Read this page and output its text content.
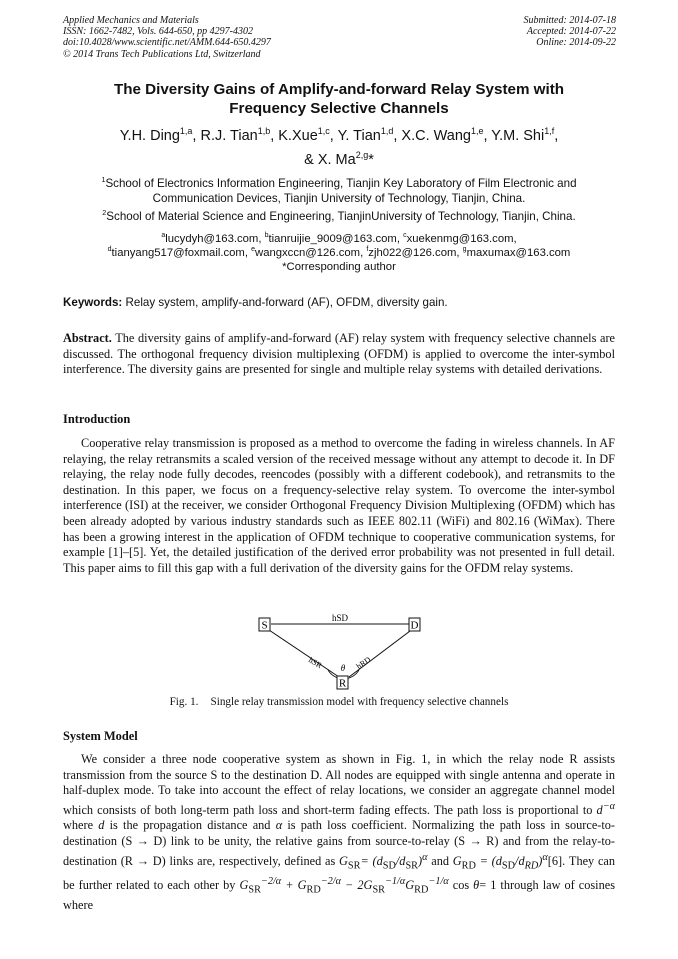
Applied Mechanics and Materials
ISSN: 1662-7482, Vols. 644-650, pp 4297-4302
doi:10.4028/www.scientific.net/AMM.644-650.4297
© 2014 Trans Tech Publications Ltd, Switzerland
Submitted: 2014-07-18
Accepted: 2014-07-22
Online: 2014-09-22
The Diversity Gains of Amplify-and-forward Relay System with
Frequency Selective Channels
Y.H. Ding$^{1,a}$, R.J. Tian$^{1,b}$, K.Xue$^{1,c}$, Y. Tian$^{1,d}$, X.C. Wang$^{1,e}$, Y.M. Shi$^{1,f}$,
& X. Ma$^{2,g}$*
$^1$School of Electronics Information Engineering, Tianjin Key Laboratory of Film Electronic and Communication Devices, Tianjin University of Technology, Tianjin, China.
$^2$School of Material Science and Engineering, TianjinUniversity of Technology, Tianjin, China.
$^a$lucydyh@163.com, $^b$tianruijie_9009@163.com, $^c$xuekenmg@163.com,
$^d$tianyang517@foxmail.com, $^e$wangxccn@126.com, $^f$zjh022@126.com, $^g$maxumax@163.com
*Corresponding author
Keywords: Relay system, amplify-and-forward (AF), OFDM, diversity gain.
Abstract. The diversity gains of amplify-and-forward (AF) relay system with frequency selective channels are discussed. The orthogonal frequency division multiplexing (OFDM) is applied to overcome the inter-symbol interference. The diversity gains are presented for single and multiple relay systems with detailed derivations.
Introduction
Cooperative relay transmission is proposed as a method to overcome the fading in wireless channels. In AF relaying, the relay retransmits a scaled version of the received message without any attempt to decode it. In DF relaying, the relay node fully decodes, reencodes (possibly with a different codebook), and retransmits to the destination. In this paper, we focus on a frequency-selective relay system. To overcome the inter-symbol interference (ISI) at the receiver, we consider Orthogonal Frequency Division Multiplexing (OFDM) which has been already adopted by various industry standards such as IEEE 802.11 (WiFi) and 802.16 (WiMax). There has been a growing interest in the application of OFDM technique to cooperative communication systems, for example [1]–[5]. Yet, the detailed justification of the derived error probability was not presented in full detail. This paper aims to fill this gap with a full derivation of the diversity gains for the OFDM relay systems.
S	D
R
hSD
hSR	hRD
θ
Fig. 1. Single relay transmission model with frequency selective channels
System Model
We consider a three node cooperative system as shown in Fig. 1, in which the relay node R assists transmission from the source S to the destination D. All nodes are equipped with single antenna and operate in half-duplex mode. To take into account the effect of relay locations, we consider an aggregate channel model which consists of both long-term path loss and short-term fading effects. The path loss is proportional to $d^{-\alpha}$ where d is the propagation distance and α is path loss coefficient. Normalizing the path loss in source-to-destination (S → D) link to be unity, the relative gains from source-to-relay (S → R) and from the relay-to-destination (R → D) links are, respectively, defined as $G_{SR}= (d_{SD}/d_{SR})^\alpha$ and $G_{RD} = (d_{SD}/d_{RD})^\alpha[6]$. They can be further related to each other by $G_{SR}^{-2/\alpha} + G_{RD}^{-2/\alpha} - 2G_{SR}^{-1/\alpha}G_{RD}^{-1/\alpha}$ cos θ= 1 through law of cosines where
